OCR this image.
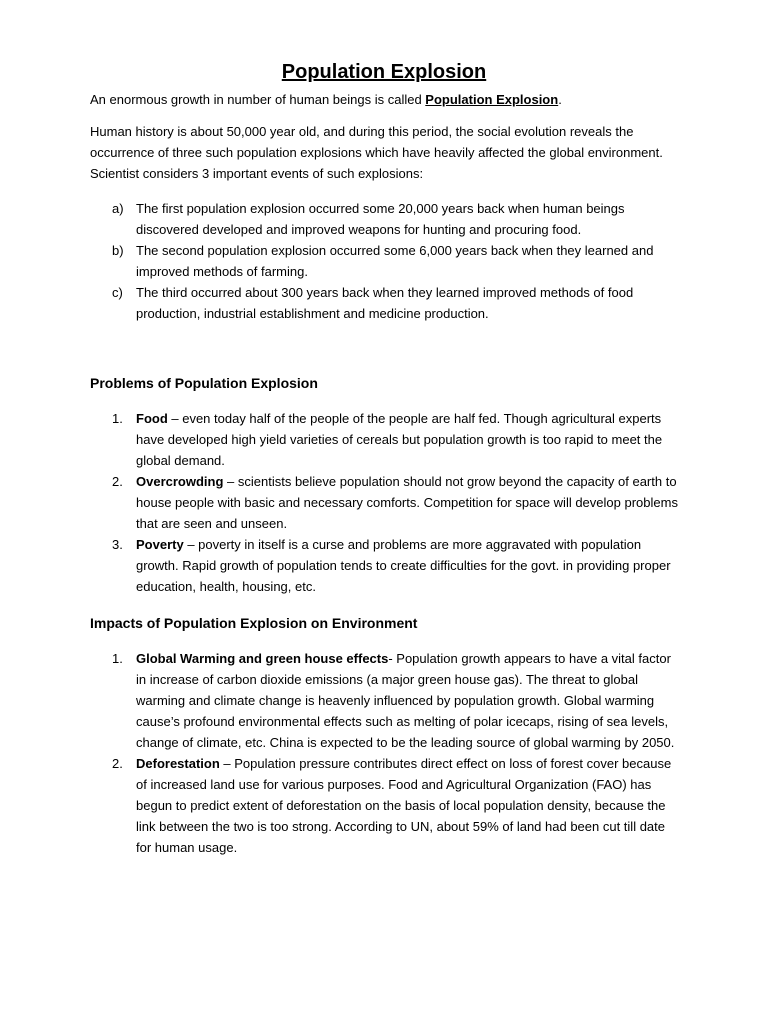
Population Explosion

An enormous growth in number of human beings is called Population Explosion.

Human history is about 50,000 year old, and during this period, the social evolution reveals the occurrence of three such population explosions which have heavily affected the global environment. Scientist considers 3 important events of such explosions:

a) The first population explosion occurred some 20,000 years back when human beings discovered developed and improved weapons for hunting and procuring food.
b) The second population explosion occurred some 6,000 years back when they learned and improved methods of farming.
c)	The third occurred about 300 years back when they learned improved methods of food production, industrial establishment and medicine production.
Problems of Population Explosion
1.	Food – even today half of the people of the people are half fed. Though agricultural experts have developed high yield varieties of cereals but population growth is too rapid to meet the global demand.
2.	Overcrowding – scientists believe population should not grow beyond the capacity of earth to house people with basic and necessary comforts. Competition for space will develop problems that are seen and unseen.
3.	Poverty – poverty in itself is a curse and problems are more aggravated with population growth. Rapid growth of population tends to create difficulties for the govt. in providing proper education, health, housing, etc.
Impacts of Population Explosion on Environment
1.	Global Warming and green house effects- Population growth appears to have a vital factor in increase of carbon dioxide emissions (a major green house gas). The threat to global warming and climate change is heavenly influenced by population growth. Global warming cause’s profound environmental effects such as melting of polar icecaps, rising of sea levels, change of climate, etc. China is expected to be the leading source of global warming by 2050.
2.	Deforestation – Population pressure contributes direct effect on loss of forest cover because of increased land use for various purposes. Food and Agricultural Organization (FAO) has begun to predict extent of deforestation on the basis of local population density, because the link between the two is too strong. According to UN, about 59% of land had been cut till date for human usage.
